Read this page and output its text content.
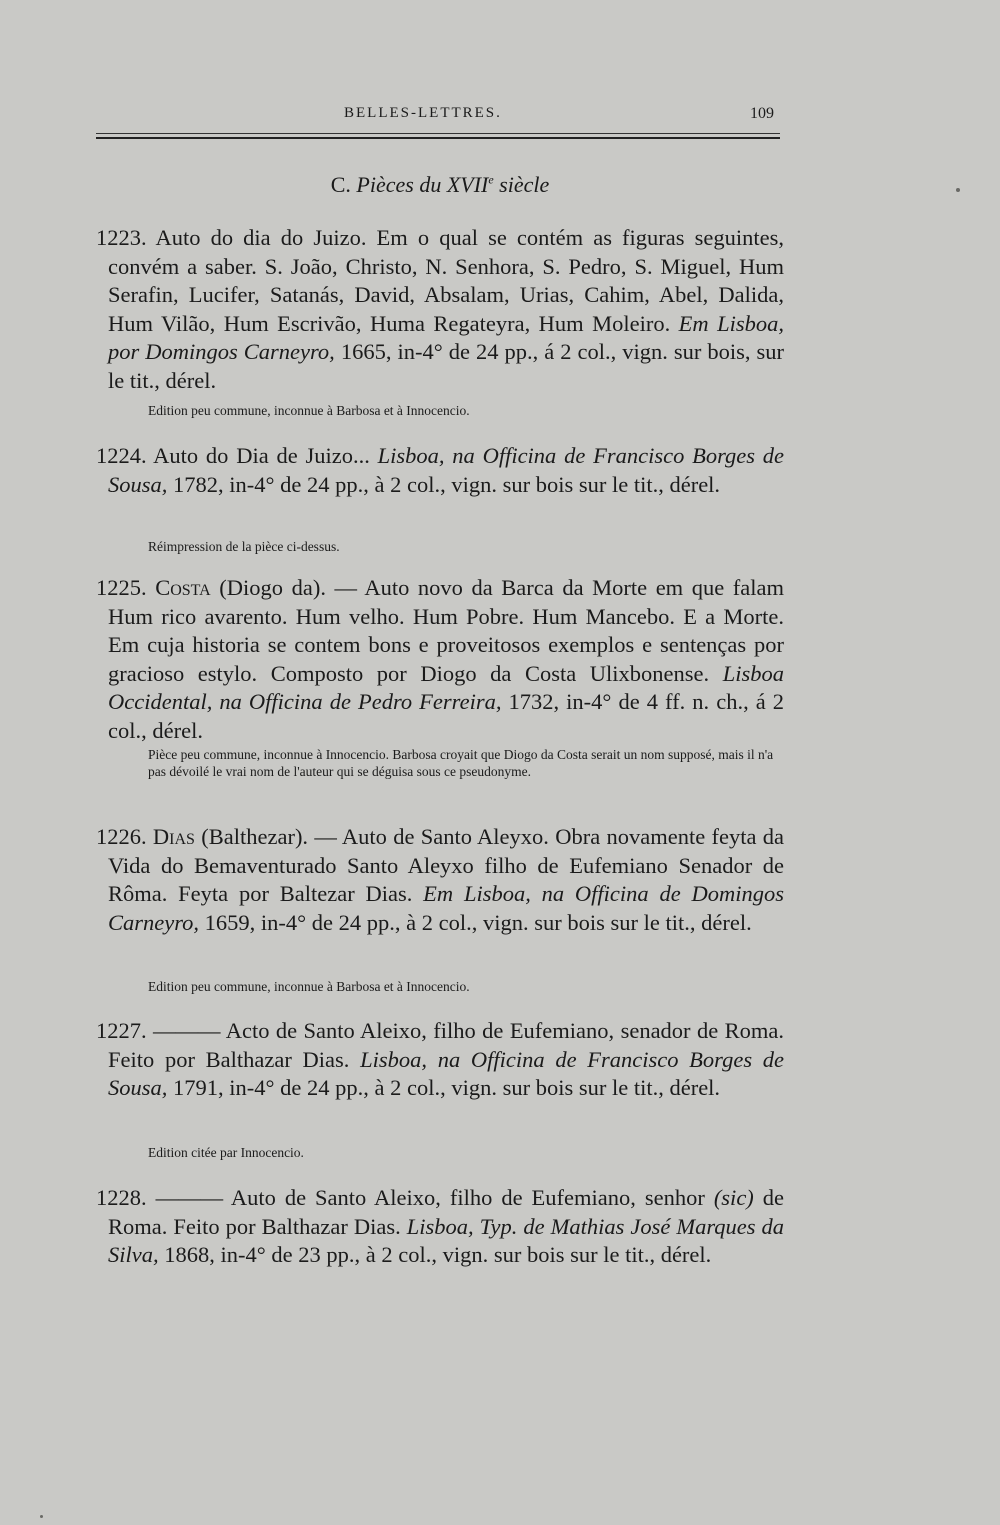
BELLES-LETTRES.	109
C. Pièces du XVIIe siècle
1223. Auto do dia do Juizo. Em o qual se contém as figuras seguintes, convém a saber. S. João, Christo, N. Senhora, S. Pedro, S. Miguel, Hum Serafin, Lucifer, Satanás, David, Absalam, Urias, Cahim, Abel, Dalida, Hum Vilão, Hum Escrivão, Huma Regateyra, Hum Moleiro. Em Lisboa, por Domingos Carneyro, 1665, in-4° de 24 pp., á 2 col., vign. sur bois, sur le tit., dérel.
Edition peu commune, inconnue à Barbosa et à Innocencio.
1224. Auto do Dia de Juizo... Lisboa, na Officina de Francisco Borges de Sousa, 1782, in-4° de 24 pp., à 2 col., vign. sur bois sur le tit., dérel.
Réimpression de la pièce ci-dessus.
1225. Costa (Diogo da). — Auto novo da Barca da Morte em que falam Hum rico avarento. Hum velho. Hum Pobre. Hum Mancebo. E a Morte. Em cuja historia se contem bons e proveitosos exemplos e sentenças por gracioso estylo. Composto por Diogo da Costa Ulixbonense. Lisboa Occidental, na Officina de Pedro Ferreira, 1732, in-4° de 4 ff. n. ch., á 2 col., dérel.
Pièce peu commune, inconnue à Innocencio. Barbosa croyait que Diogo da Costa serait un nom supposé, mais il n'a pas dévoilé le vrai nom de l'auteur qui se déguisa sous ce pseudonyme.
1226. Dias (Balthezar). — Auto de Santo Aleyxo. Obra novamente feyta da Vida do Bemaventurado Santo Aleyxo filho de Eufemiano Senador de Rôma. Feyta por Baltezar Dias. Em Lisboa, na Officina de Domingos Carneyro, 1659, in-4° de 24 pp., à 2 col., vign. sur bois sur le tit., dérel.
Edition peu commune, inconnue à Barbosa et à Innocencio.
1227. ——— Acto de Santo Aleixo, filho de Eufemiano, senador de Roma. Feito por Balthazar Dias. Lisboa, na Officina de Francisco Borges de Sousa, 1791, in-4° de 24 pp., à 2 col., vign. sur bois sur le tit., dérel.
Edition citée par Innocencio.
1228. ——— Auto de Santo Aleixo, filho de Eufemiano, senhor (sic) de Roma. Feito por Balthazar Dias. Lisboa, Typ. de Mathias José Marques da Silva, 1868, in-4° de 23 pp., à 2 col., vign. sur bois sur le tit., dérel.
